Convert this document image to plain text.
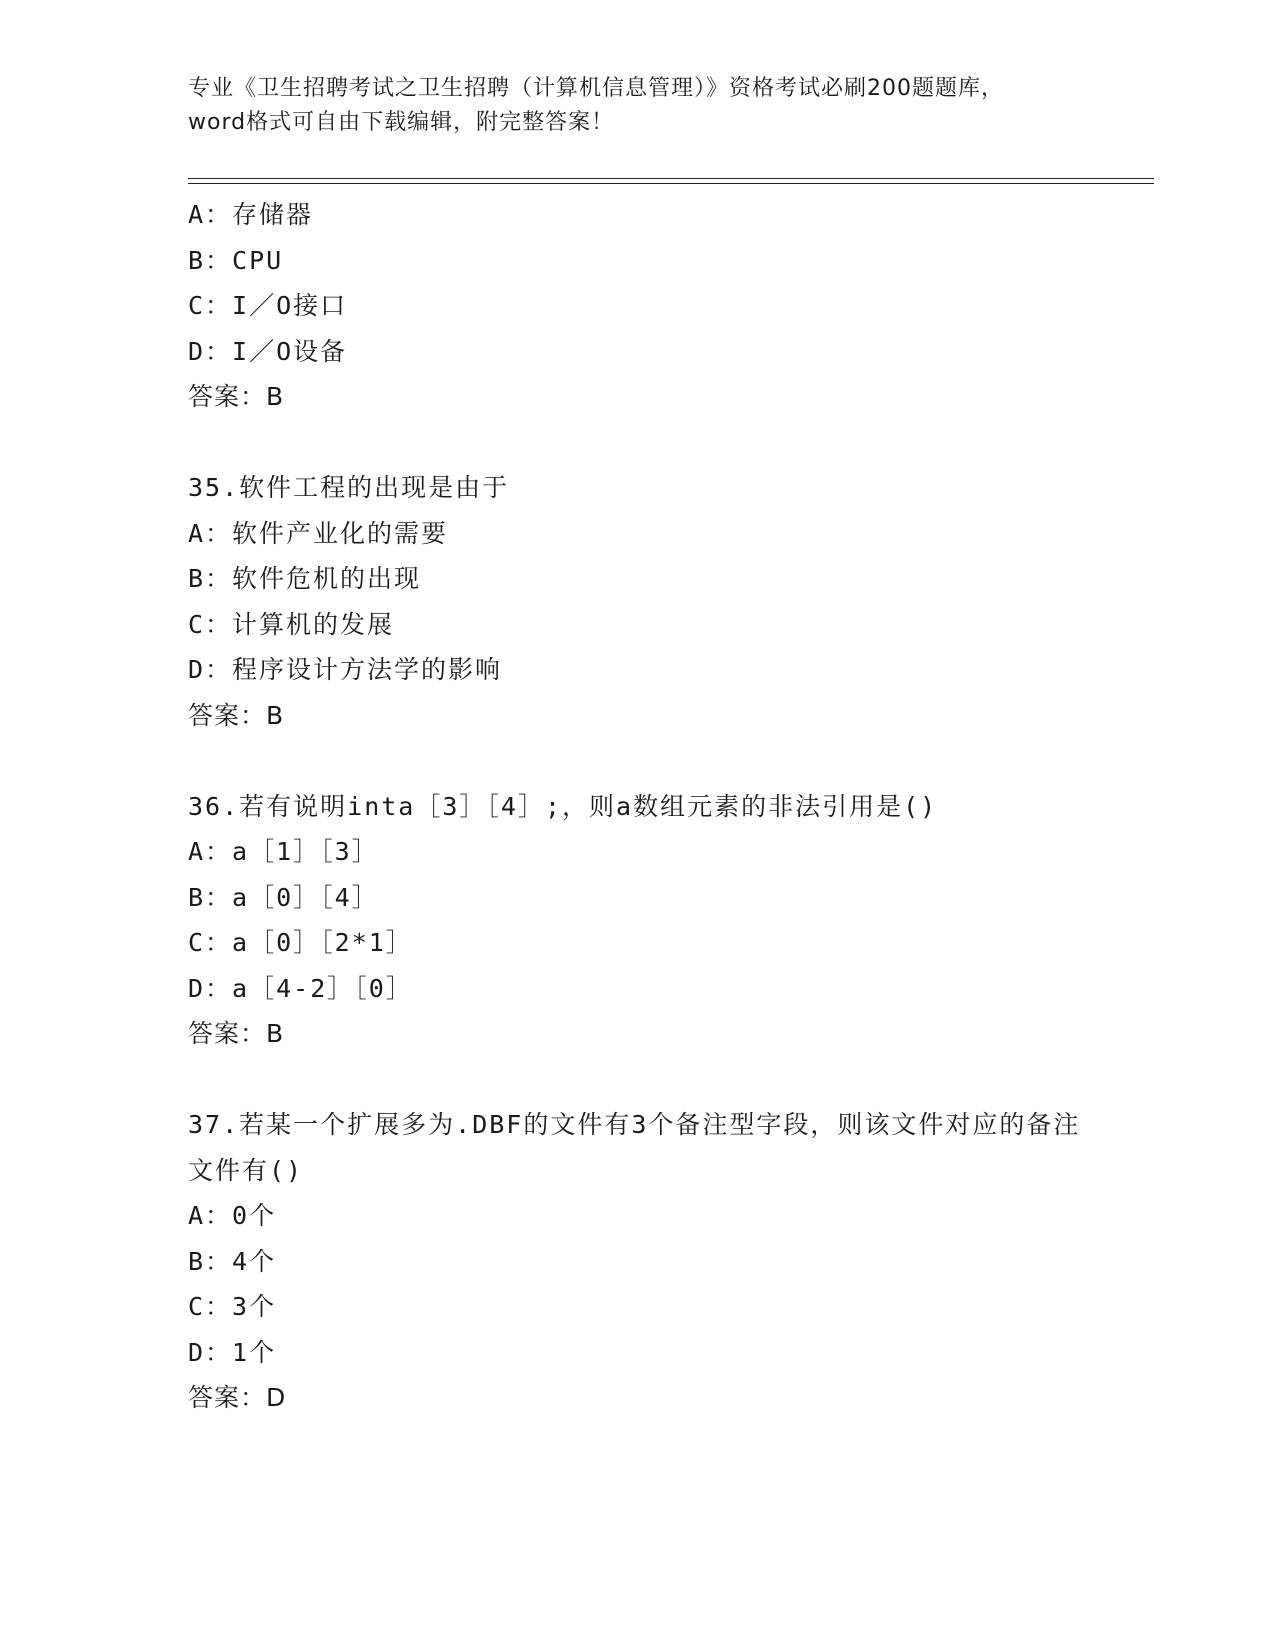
专业《卫生招聘考试之卫生招聘（计算机信息管理）》资格考试必刷200题题库，
word格式可自由下载编辑，附完整答案！
A：存储器
B：CPU
C：I／O接口
D：I／O设备
答案：B
35.软件工程的出现是由于
A：软件产业化的需要
B：软件危机的出现
C：计算机的发展
D：程序设计方法学的影响
答案：B
36.若有说明inta［3］［4］;，则a数组元素的非法引用是()
A：a［1］［3］
B：a［0］［4］
C：a［0］［2*1］
D：a［4-2］［0］
答案：B
37.若某一个扩展多为.DBF的文件有3个备注型字段，则该文件对应的备注文件有()
A：0个
B：4个
C：3个
D：1个
答案：D
